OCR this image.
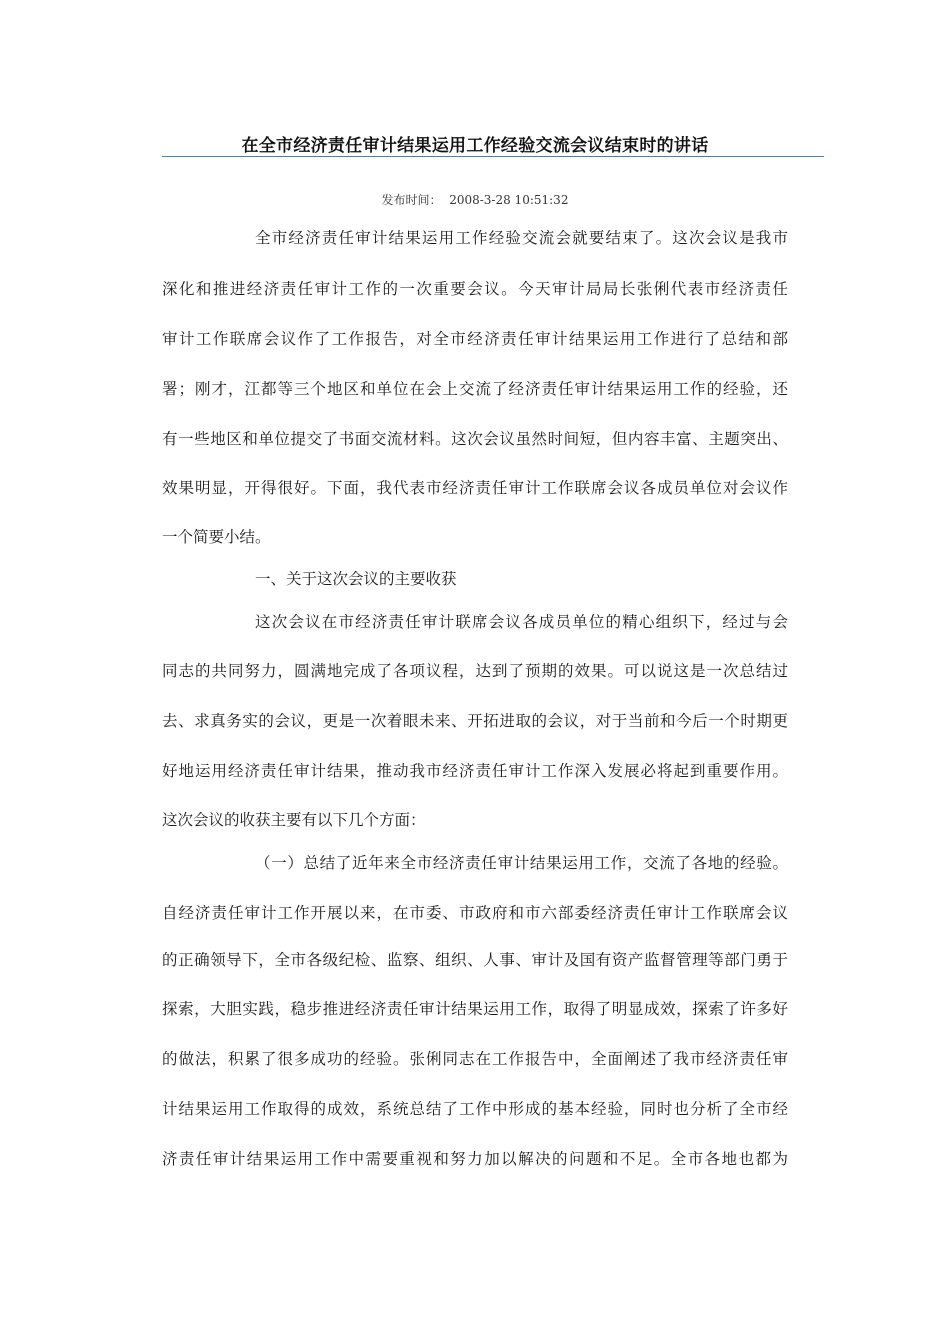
在全市经济责任审计结果运用工作经验交流会议结束时的讲话
发布时间： 2008-3-28 10:51:32
全市经济责任审计结果运用工作经验交流会就要结束了。这次会议是我市
深化和推进经济责任审计工作的一次重要会议。今天审计局局长张俐代表市经济责任
审计工作联席会议作了工作报告，对全市经济责任审计结果运用工作进行了总结和部
署；刚才，江都等三个地区和单位在会上交流了经济责任审计结果运用工作的经验，还
有一些地区和单位提交了书面交流材料。这次会议虽然时间短，但内容丰富、主题突出、
效果明显，开得很好。下面，我代表市经济责任审计工作联席会议各成员单位对会议作
一个简要小结。
一、关于这次会议的主要收获
这次会议在市经济责任审计联席会议各成员单位的精心组织下，经过与会
同志的共同努力，圆满地完成了各项议程，达到了预期的效果。可以说这是一次总结过
去、求真务实的会议，更是一次着眼未来、开拓进取的会议，对于当前和今后一个时期更
好地运用经济责任审计结果，推动我市经济责任审计工作深入发展必将起到重要作用。
这次会议的收获主要有以下几个方面：
（一）总结了近年来全市经济责任审计结果运用工作，交流了各地的经验。
自经济责任审计工作开展以来，在市委、市政府和市六部委经济责任审计工作联席会议
的正确领导下，全市各级纪检、监察、组织、人事、审计及国有资产监督管理等部门勇于
探索，大胆实践，稳步推进经济责任审计结果运用工作，取得了明显成效，探索了许多好
的做法，积累了很多成功的经验。张俐同志在工作报告中，全面阐述了我市经济责任审
计结果运用工作取得的成效，系统总结了工作中形成的基本经验，同时也分析了全市经
济责任审计结果运用工作中需要重视和努力加以解决的问题和不足。全市各地也都为
